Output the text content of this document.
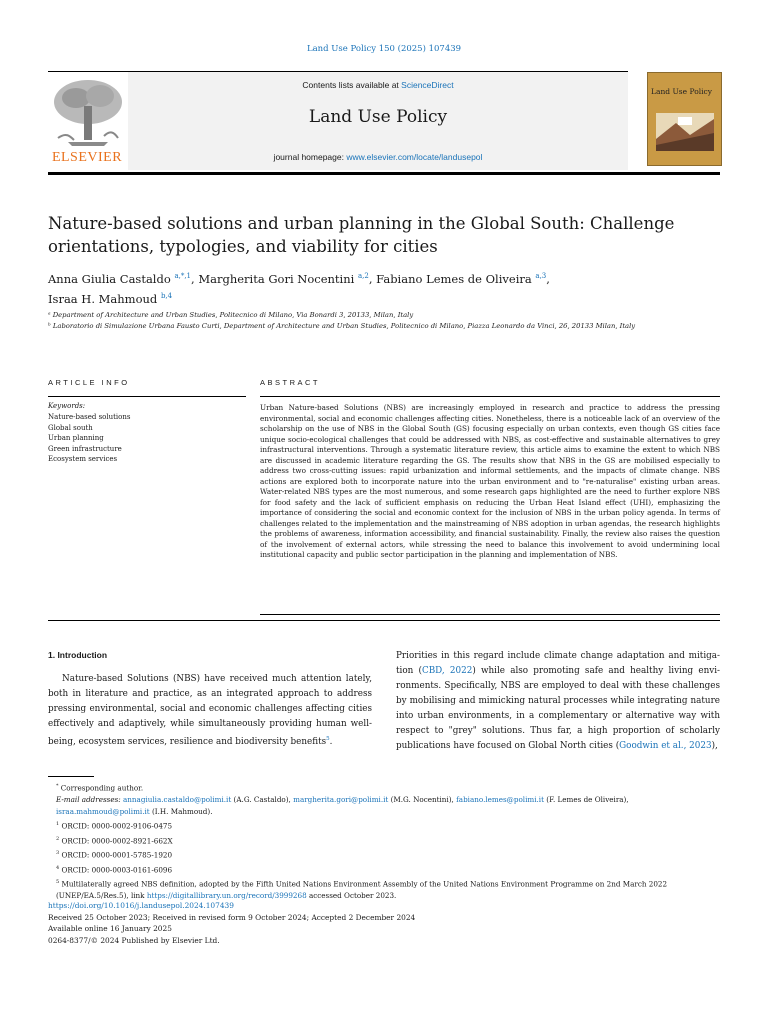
Land Use Policy 150 (2025) 107439
ELSEVIER
Contents lists available at ScienceDirect
Land Use Policy
journal homepage: www.elsevier.com/locate/landusepol
Land Use Policy
Nature-based solutions and urban planning in the Global South: Challenge orientations, typologies, and viability for cities
Anna Giulia Castaldo $^{a,*,1}$, Margherita Gori Nocentini $^{a,2}$, Fabiano Lemes de Oliveira $^{a,3}$,
Israa H. Mahmoud $^{b,4}$
ᵃ Department of Architecture and Urban Studies, Politecnico di Milano, Via Bonardi 3, 20133, Milan, Italy
ᵇ Laboratorio di Simulazione Urbana Fausto Curti, Department of Architecture and Urban Studies, Politecnico di Milano, Piazza Leonardo da Vinci, 26, 20133 Milan, Italy
ARTICLE INFO	ABSTRACT
Keywords:
Nature-based solutions
Global south
Urban planning
Green infrastructure
Ecosystem services
Urban Nature-based Solutions (NBS) are increasingly employed in research and practice to address the pressing environmental, social and economic challenges affecting cities. Nonetheless, there is a noticeable lack of an overview of the scholarship on the use of NBS in the Global South (GS) focusing especially on urban contexts, even though GS cities face unique socio-ecological challenges that could be addressed with NBS, as cost-effective and sustainable alternatives to grey infrastructural interventions. Through a systematic literature review, this article aims to examine the extent to which NBS are discussed in academic literature regarding the GS. The results show that NBS in the GS are mobilised especially to address two cross-cutting issues: rapid urbanization and informal settlements, and the impacts of climate change. NBS actions are explored both to incorporate nature into the urban environment and to "re-naturalise" existing urban areas. Water-related NBS types are the most numerous, and some research gaps highlighted are the need to further explore NBS for food safety and the lack of sufficient emphasis on reducing the Urban Heat Island effect (UHI), emphasizing the importance of considering the social and economic context for the inclusion of NBS in the urban policy agenda. In terms of challenges related to the implementation and the mainstreaming of NBS adoption in urban agendas, the research highlights the problems of awareness, information accessibility, and financial sustainability. Finally, the review also raises the question of the involvement of external actors, while stressing the need to balance this involvement to avoid undermining local institutional capacity and public sector participation in the planning and implementation of NBS.
1. Introduction
Nature-based Solutions (NBS) have received much attention lately, both in literature and practice, as an integrated approach to address pressing environmental, social and economic challenges affecting cities effectively and adaptively, while simultaneously providing human well-being, ecosystem services, resilience and biodiversity benefits$^5$.
Priorities in this regard include climate change adaptation and mitiga-tion (CBD, 2022) while also promoting safe and healthy living envi-ronments. Specifically, NBS are employed to deal with these challenges by mobilising and mimicking natural processes while integrating nature into urban environments, in a complementary or alternative way with respect to "grey" solutions. Thus far, a high proportion of scholarly publications have focused on Global North cities (Goodwin et al., 2023),
* Corresponding author.
E-mail addresses: annagiulia.castaldo@polimi.it (A.G. Castaldo), margherita.gori@polimi.it (M.G. Nocentini), fabiano.lemes@polimi.it (F. Lemes de Oliveira), israa.mahmoud@polimi.it (I.H. Mahmoud).
$^1$ ORCID: 0000-0002-9106-0475
$^2$ ORCID: 0000-0002-8921-662X
$^3$ ORCID: 0000-0001-5785-1920
$^4$ ORCID: 0000-0003-0161-6096
$^5$ Multilaterally agreed NBS definition, adopted by the Fifth United Nations Environment Assembly of the United Nations Environment Programme on 2nd March 2022 (UNEP/EA.5/Res.5), link https://digitallibrary.un.org/record/3999268 accessed October 2023.
https://doi.org/10.1016/j.landusepol.2024.107439
Received 25 October 2023; Received in revised form 9 October 2024; Accepted 2 December 2024
Available online 16 January 2025
0264-8377/© 2024 Published by Elsevier Ltd.
